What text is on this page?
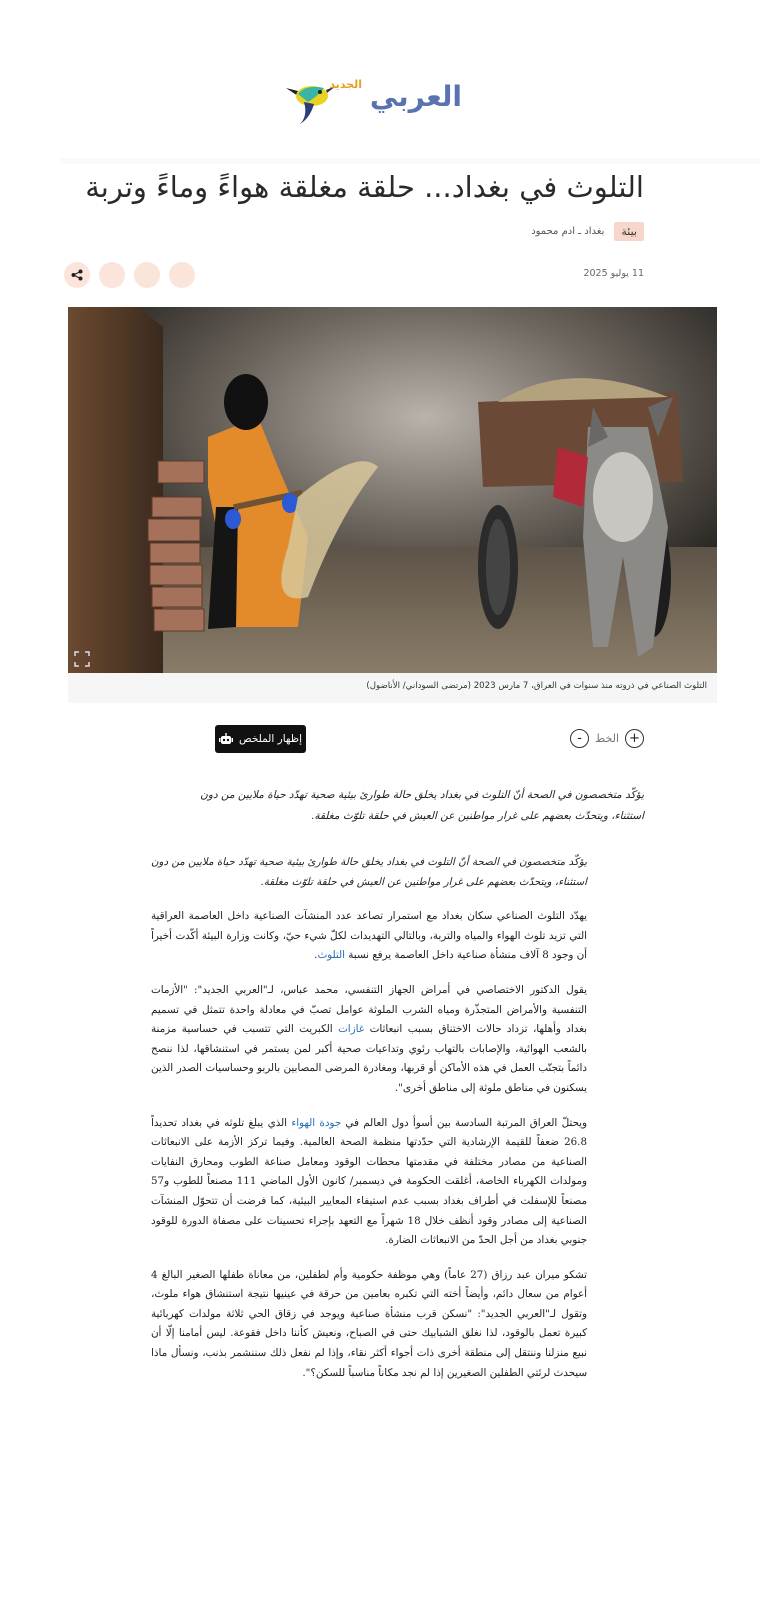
الجديد العربي
التلوث في بغداد... حلقة مغلقة هواءً وماءً وتربة
بيئة
بغداد ـ ادم محمود
11 يوليو 2025
التلوث الصناعي في ذروته منذ سنوات في العراق، 7 مارس 2023 (مرتضى السوداني/ الأناضول)
+
الخط
-
إظهار الملخص

يؤكّد متخصصون في الصحة أنّ التلوث في بغداد يخلق حالة طوارئ بيئية صحية تهدّد حياة ملايين من دون استثناء، ويتحدّث بعضهم على غرار مواطنين عن العيش في حلقة تلوّث مغلقة.

يؤكّد متخصصون في الصحة أنّ التلوث في بغداد يخلق حالة طوارئ بيئية صحية تهدّد حياة ملايين من دون استثناء، ويتحدّث بعضهم على غرار مواطنين عن العيش في حلقة تلوّث مغلقة.

يهدّد التلوث الصناعي سكان بغداد مع استمرار تصاعد عدد المنشآت الصناعية داخل العاصمة العراقية التي تزيد تلوث الهواء والمياه والتربة، وبالتالي التهديدات لكلّ شيء حيّ، وكانت وزارة البيئة أكّدت أخيراً أن وجود 8 آلاف منشأة صناعية داخل العاصمة يرفع نسبة التلوث.

يقول الدكتور الاختصاصي في أمراض الجهاز التنفسي، محمد عباس، لـ"العربي الجديد": "الأزمات التنفسية والأمراض المتجذّرة ومياه الشرب الملوثة عوامل تصبّ في معادلة واحدة تتمثل في تسميم بغداد وأهلها، تزداد حالات الاختناق بسبب انبعاثات غازات الكبريت التي تتسبب في حساسية مزمنة بالشعب الهوائية، والإصابات بالتهاب رئوي وتداعيات صحية أكبر لمن يستمر في استنشاقها، لذا ننصح دائماً بتجنّب العمل في هذه الأماكن أو قربها، ومغادرة المرضى المصابين بالربو وحساسيات الصدر الذين يسكنون في مناطق ملوثة إلى مناطق أخرى".

ويحتلّ العراق المرتبة السادسة بين أسوأ دول العالم في جودة الهواء الذي يبلغ تلوثه في بغداد تحديداً 26.8 ضعفاً للقيمة الإرشادية التي حدّدتها منظمة الصحة العالمية. وفيما تركز الأزمة على الانبعاثات الصناعية من مصادر مختلفة في مقدمتها محطات الوقود ومعامل صناعة الطوب ومحارق النفايات ومولدات الكهرباء الخاصة، أغلقت الحكومة في ديسمبر/ كانون الأول الماضي 111 مصنعاً للطوب و57 مصنعاً للإسفلت في أطراف بغداد بسبب عدم استيفاء المعايير البيئية، كما فرضت أن تتحوّل المنشآت الصناعية إلى مصادر وقود أنظف خلال 18 شهراً مع التعهد بإجراء تحسينات على مصفاة الدورة للوقود جنوبي بغداد من أجل الحدّ من الانبعاثات الضارة.

تشكو ميران عبد رزاق (27 عاماً) وهي موظفة حكومية وأم لطفلين، من معاناة طفلها الصغير البالغ 4 أعوام من سعال دائم، وأيضاً أخته التي تكبره بعامين من حرقة في عينيها نتيجة استنشاق هواء ملوث، وتقول لـ"العربي الجديد": "نسكن قرب منشأة صناعية ويوجد في زقاق الحي ثلاثة مولدات كهربائية كبيرة تعمل بالوقود، لذا نغلق الشبابيك حتى في الصباح، ونعيش كأننا داخل فقوعة. ليس أمامنا إلّا أن نبيع منزلنا وننتقل إلى منطقة أخرى ذات أجواء أكثر نقاء، وإذا لم نفعل ذلك سننشمر بذنب، ونسأل ماذا سيحدث لرئتي الطفلين الصغيرين إذا لم نجد مكاناً مناسباً للسكن؟".
